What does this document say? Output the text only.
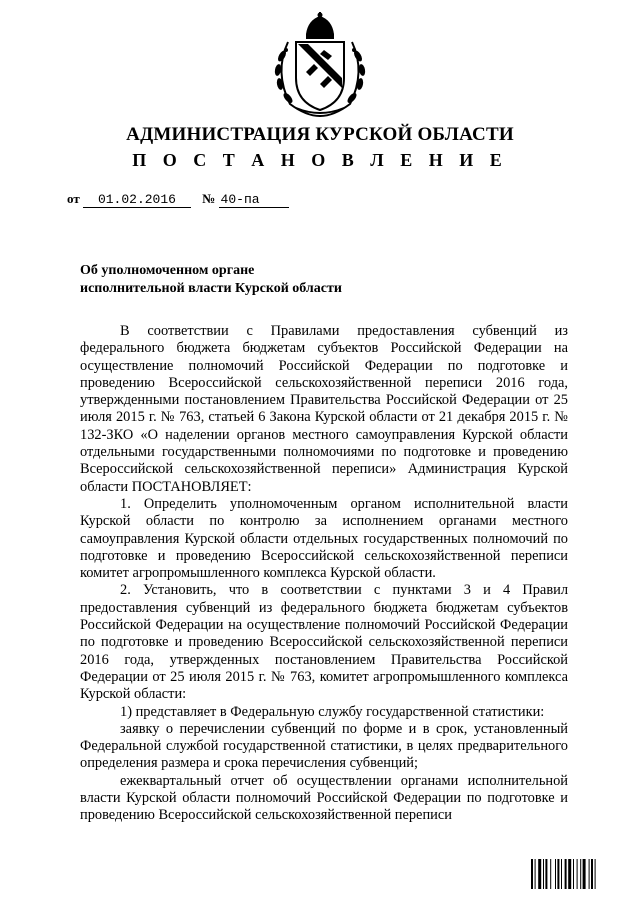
АДМИНИСТРАЦИЯ КУРСКОЙ ОБЛАСТИ
П О С Т А Н О В Л Е Н И Е
от 01.02.2016 № 40-па
Об уполномоченном органе
исполнительной власти Курской области

В соответствии с Правилами предоставления субвенций из федерального бюджета бюджетам субъектов Российской Федерации на осуществление полномочий Российской Федерации по подготовке и проведению Всероссийской сельскохозяйственной переписи 2016 года, утвержденными постановлением Правительства Российской Федерации от 25 июля 2015 г. № 763, статьей 6 Закона Курской области от 21 декабря 2015 г. № 132-ЗКО «О наделении органов местного самоуправления Курской области отдельными государственными полномочиями по подготовке и проведению Всероссийской сельскохозяйственной переписи» Администрация Курской области ПОСТАНОВЛЯЕТ:

1. Определить уполномоченным органом исполнительной власти Курской области по контролю за исполнением органами местного самоуправления Курской области отдельных государственных полномочий по подготовке и проведению Всероссийской сельскохозяйственной переписи комитет агропромышленного комплекса Курской области.

2. Установить, что в соответствии с пунктами 3 и 4 Правил предоставления субвенций из федерального бюджета бюджетам субъектов Российской Федерации на осуществление полномочий Российской Федерации по подготовке и проведению Всероссийской сельскохозяйственной переписи 2016 года, утвержденных постановлением Правительства Российской Федерации от 25 июля 2015 г. № 763, комитет агропромышленного комплекса Курской области:

1) представляет в Федеральную службу государственной статистики:

заявку о перечислении субвенций по форме и в срок, установленный Федеральной службой государственной статистики, в целях предварительного определения размера и срока перечисления субвенций;

ежеквартальный отчет об осуществлении органами исполнительной власти Курской области полномочий Российской Федерации по подготовке и проведению Всероссийской сельскохозяйственной переписи
